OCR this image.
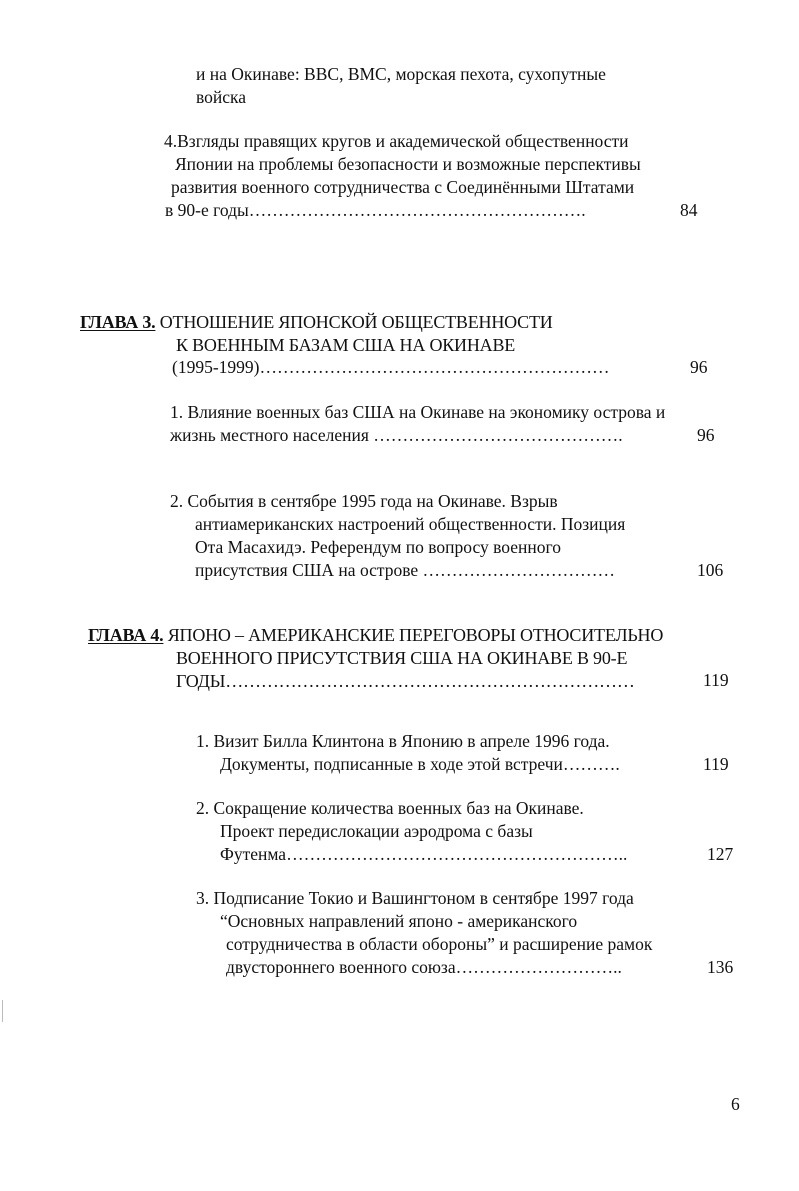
и на Окинаве: ВВС, ВМС, морская пехота, сухопутные
войска
4.Взгляды правящих кругов и академической общественности
Японии на проблемы безопасности и возможные перспективы
развития военного сотрудничества с Соединёнными Штатами
в 90-е годы………………………………………………….	84
ГЛАВА 3. ОТНОШЕНИЕ ЯПОНСКОЙ ОБЩЕСТВЕННОСТИ
К ВОЕННЫМ БАЗАМ США НА ОКИНАВЕ
(1995-1999)……………………………………………………	96
1. Влияние военных баз США на Окинаве на экономику острова и
жизнь местного населения …………………………………….	96
2. События в сентябре 1995 года на Окинаве. Взрыв
антиамериканских настроений общественности. Позиция
Ота Масахидэ. Референдум по вопросу военного
присутствия США на острове ……………………………	106
ГЛАВА 4. ЯПОНО – АМЕРИКАНСКИЕ ПЕРЕГОВОРЫ ОТНОСИТЕЛЬНО
ВОЕННОГО ПРИСУТСТВИЯ США НА ОКИНАВЕ В 90-Е
ГОДЫ……………………………………………………………	119
1. Визит Билла Клинтона в Японию в апреле 1996 года.
Документы, подписанные в ходе этой встречи……….	119
2. Сокращение количества военных баз на Окинаве.
Проект передислокации аэродрома с базы
Футенма…………………………………………………..	127
3. Подписание Токио и Вашингтоном в сентябре 1997 года
“Основных направлений японо - американского
сотрудничества в области обороны” и расширение рамок
двустороннего военного союза………………………..	136
6
